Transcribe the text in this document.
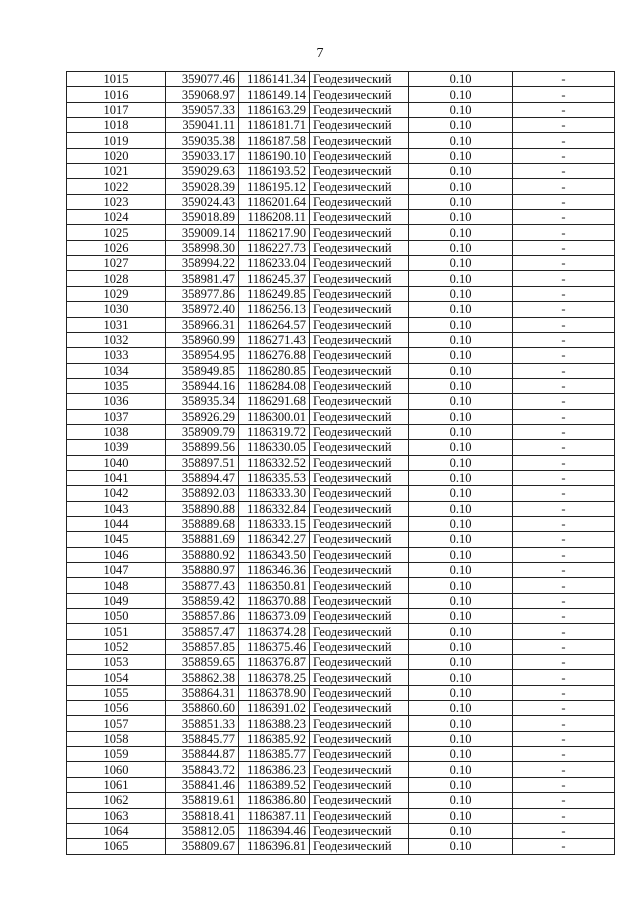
7
1015	359077.46	1186141.34	Геодезический	0.10	-
1016	359068.97	1186149.14	Геодезический	0.10	-
1017	359057.33	1186163.29	Геодезический	0.10	-
1018	359041.11	1186181.71	Геодезический	0.10	-
1019	359035.38	1186187.58	Геодезический	0.10	-
1020	359033.17	1186190.10	Геодезический	0.10	-
1021	359029.63	1186193.52	Геодезический	0.10	-
1022	359028.39	1186195.12	Геодезический	0.10	-
1023	359024.43	1186201.64	Геодезический	0.10	-
1024	359018.89	1186208.11	Геодезический	0.10	-
1025	359009.14	1186217.90	Геодезический	0.10	-
1026	358998.30	1186227.73	Геодезический	0.10	-
1027	358994.22	1186233.04	Геодезический	0.10	-
1028	358981.47	1186245.37	Геодезический	0.10	-
1029	358977.86	1186249.85	Геодезический	0.10	-
1030	358972.40	1186256.13	Геодезический	0.10	-
1031	358966.31	1186264.57	Геодезический	0.10	-
1032	358960.99	1186271.43	Геодезический	0.10	-
1033	358954.95	1186276.88	Геодезический	0.10	-
1034	358949.85	1186280.85	Геодезический	0.10	-
1035	358944.16	1186284.08	Геодезический	0.10	-
1036	358935.34	1186291.68	Геодезический	0.10	-
1037	358926.29	1186300.01	Геодезический	0.10	-
1038	358909.79	1186319.72	Геодезический	0.10	-
1039	358899.56	1186330.05	Геодезический	0.10	-
1040	358897.51	1186332.52	Геодезический	0.10	-
1041	358894.47	1186335.53	Геодезический	0.10	-
1042	358892.03	1186333.30	Геодезический	0.10	-
1043	358890.88	1186332.84	Геодезический	0.10	-
1044	358889.68	1186333.15	Геодезический	0.10	-
1045	358881.69	1186342.27	Геодезический	0.10	-
1046	358880.92	1186343.50	Геодезический	0.10	-
1047	358880.97	1186346.36	Геодезический	0.10	-
1048	358877.43	1186350.81	Геодезический	0.10	-
1049	358859.42	1186370.88	Геодезический	0.10	-
1050	358857.86	1186373.09	Геодезический	0.10	-
1051	358857.47	1186374.28	Геодезический	0.10	-
1052	358857.85	1186375.46	Геодезический	0.10	-
1053	358859.65	1186376.87	Геодезический	0.10	-
1054	358862.38	1186378.25	Геодезический	0.10	-
1055	358864.31	1186378.90	Геодезический	0.10	-
1056	358860.60	1186391.02	Геодезический	0.10	-
1057	358851.33	1186388.23	Геодезический	0.10	-
1058	358845.77	1186385.92	Геодезический	0.10	-
1059	358844.87	1186385.77	Геодезический	0.10	-
1060	358843.72	1186386.23	Геодезический	0.10	-
1061	358841.46	1186389.52	Геодезический	0.10	-
1062	358819.61	1186386.80	Геодезический	0.10	-
1063	358818.41	1186387.11	Геодезический	0.10	-
1064	358812.05	1186394.46	Геодезический	0.10	-
1065	358809.67	1186396.81	Геодезический	0.10	-
